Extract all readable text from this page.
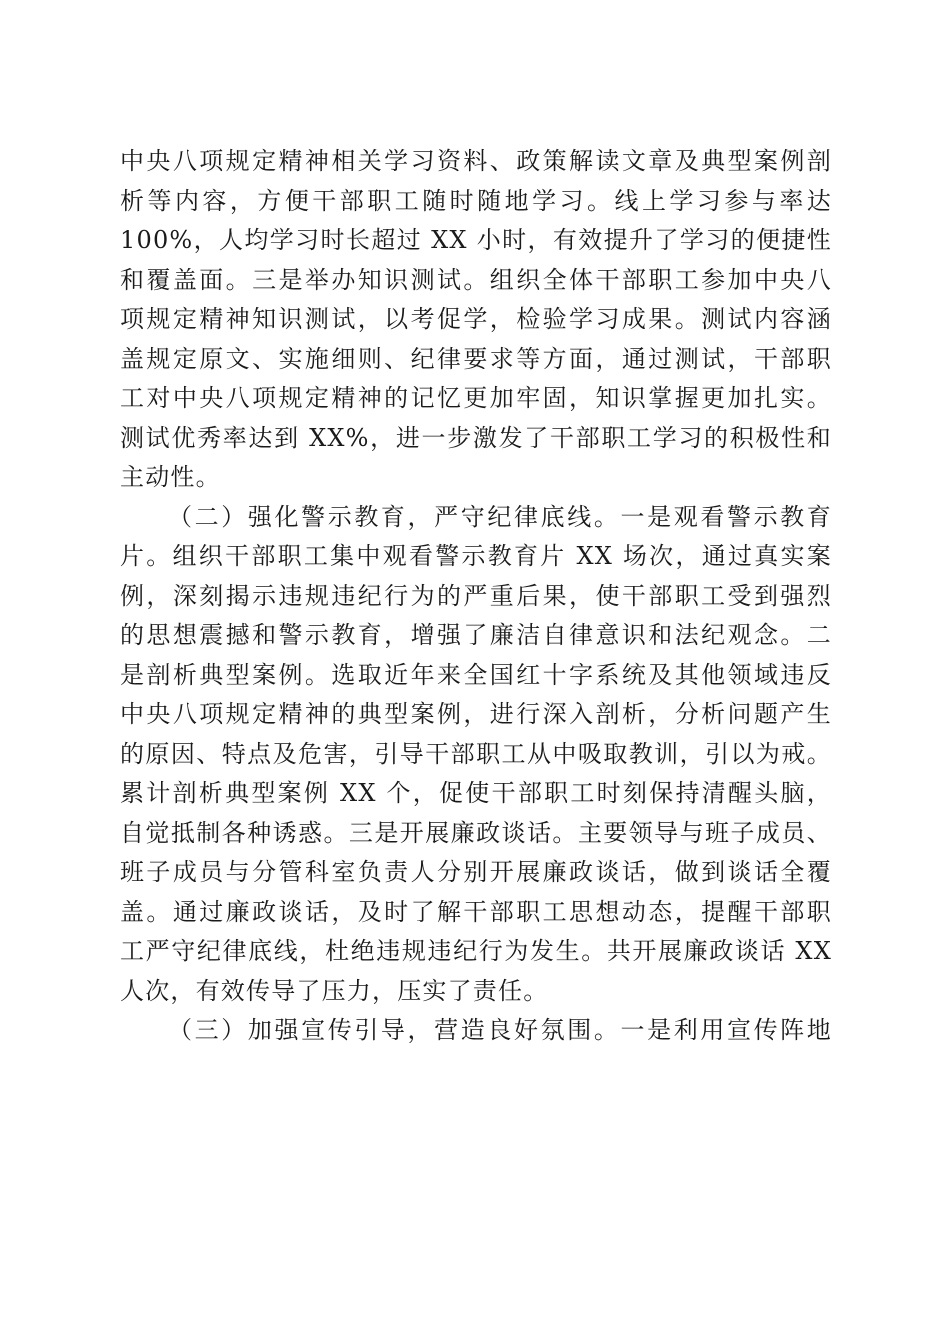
中央八项规定精神相关学习资料、政策解读文章及典型案例剖
析等内容，方便干部职工随时随地学习。线上学习参与率达
100%，人均学习时长超过 XX 小时，有效提升了学习的便捷性
和覆盖面。三是举办知识测试。组织全体干部职工参加中央八
项规定精神知识测试，以考促学，检验学习成果。测试内容涵
盖规定原文、实施细则、纪律要求等方面，通过测试，干部职
工对中央八项规定精神的记忆更加牢固，知识掌握更加扎实。
测试优秀率达到 XX%，进一步激发了干部职工学习的积极性和
主动性。
（二）强化警示教育，严守纪律底线。一是观看警示教育
片。组织干部职工集中观看警示教育片 XX 场次，通过真实案
例，深刻揭示违规违纪行为的严重后果，使干部职工受到强烈
的思想震撼和警示教育，增强了廉洁自律意识和法纪观念。二
是剖析典型案例。选取近年来全国红十字系统及其他领域违反
中央八项规定精神的典型案例，进行深入剖析，分析问题产生
的原因、特点及危害，引导干部职工从中吸取教训，引以为戒。
累计剖析典型案例 XX 个，促使干部职工时刻保持清醒头脑，
自觉抵制各种诱惑。三是开展廉政谈话。主要领导与班子成员、
班子成员与分管科室负责人分别开展廉政谈话，做到谈话全覆
盖。通过廉政谈话，及时了解干部职工思想动态，提醒干部职
工严守纪律底线，杜绝违规违纪行为发生。共开展廉政谈话 XX
人次，有效传导了压力，压实了责任。
（三）加强宣传引导，营造良好氛围。一是利用宣传阵地
